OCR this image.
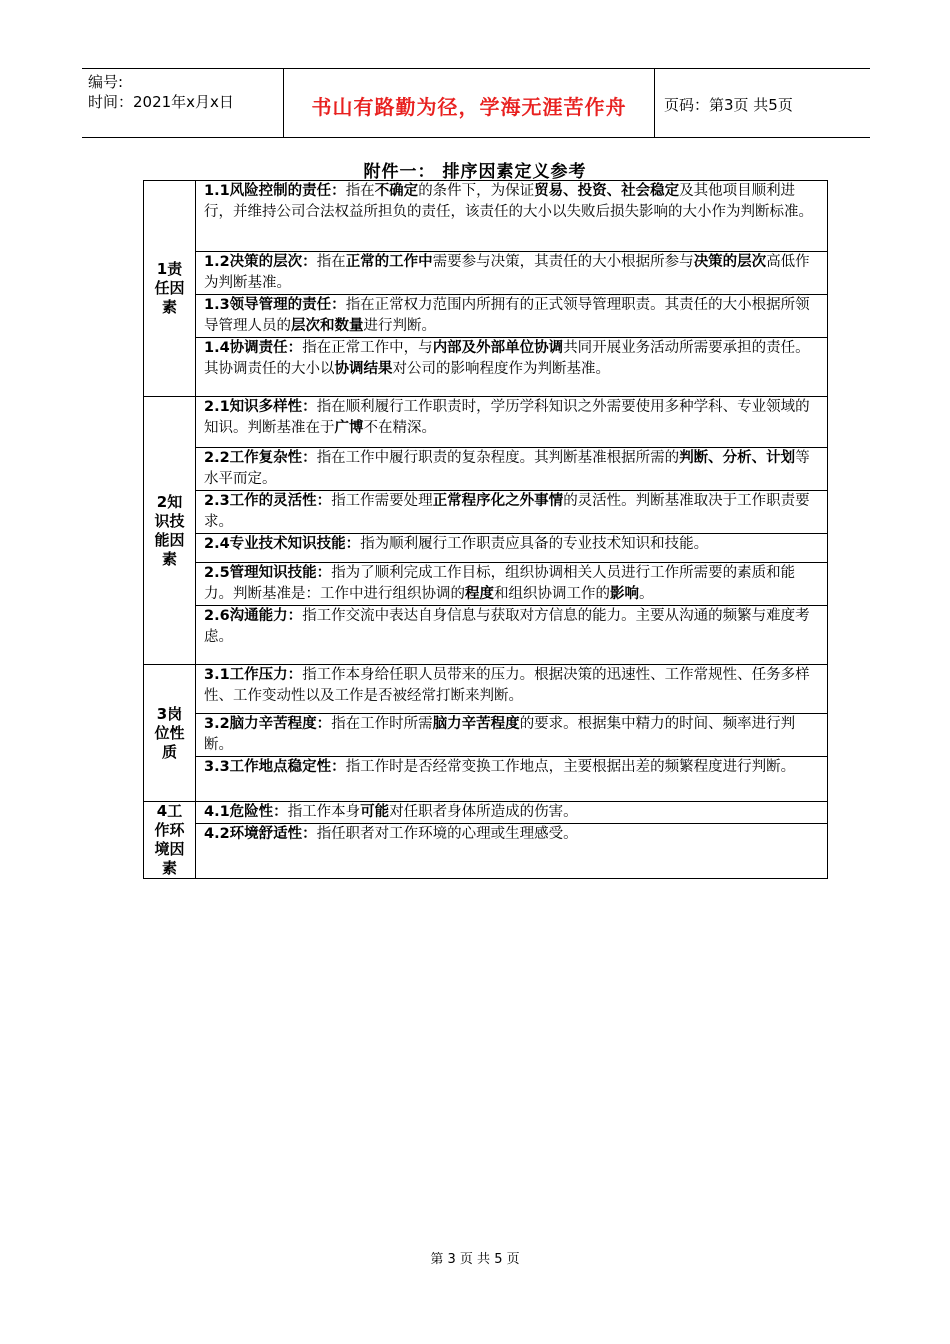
编号:
时间：2021年x月x日	书山有路勤为径，学海无涯苦作舟	页码：第3页 共5页
附件一： 排序因素定义参考
1责
任因
素	1.1风险控制的责任：指在不确定的条件下，为保证贸易、投资、社会稳定及其他项目顺利进行，并维持公司合法权益所担负的责任，该责任的大小以失败后损失影响的大小作为判断标准。
	1.2决策的层次：指在正常的工作中需要参与决策，其责任的大小根据所参与决策的层次高低作为判断基准。
	1.3领导管理的责任：指在正常权力范围内所拥有的正式领导管理职责。其责任的大小根据所领导管理人员的层次和数量进行判断。
	1.4协调责任：指在正常工作中，与内部及外部单位协调共同开展业务活动所需要承担的责任。其协调责任的大小以协调结果对公司的影响程度作为判断基准。

2知
识技
能因
素	2.1知识多样性：指在顺利履行工作职责时，学历学科知识之外需要使用多种学科、专业领域的知识。判断基准在于广博不在精深。
	2.2工作复杂性：指在工作中履行职责的复杂程度。其判断基准根据所需的判断、分析、计划等水平而定。
	2.3工作的灵活性：指工作需要处理正常程序化之外事情的灵活性。判断基准取决于工作职责要求。
	2.4专业技术知识技能：指为顺利履行工作职责应具备的专业技术知识和技能。
	2.5管理知识技能：指为了顺利完成工作目标，组织协调相关人员进行工作所需要的素质和能力。判断基准是：工作中进行组织协调的程度和组织协调工作的影响。
	2.6沟通能力：指工作交流中表达自身信息与获取对方信息的能力。主要从沟通的频繁与难度考虑。

3岗
位性
质	3.1工作压力：指工作本身给任职人员带来的压力。根据决策的迅速性、工作常规性、任务多样性、工作变动性以及工作是否被经常打断来判断。
	3.2脑力辛苦程度：指在工作时所需脑力辛苦程度的要求。根据集中精力的时间、频率进行判断。
	3.3工作地点稳定性：指工作时是否经常变换工作地点，主要根据出差的频繁程度进行判断。

4工
作环
境因
素	4.1危险性：指工作本身可能对任职者身体所造成的伤害。
	4.2环境舒适性：指任职者对工作环境的心理或生理感受。
第 3 页 共 5 页
